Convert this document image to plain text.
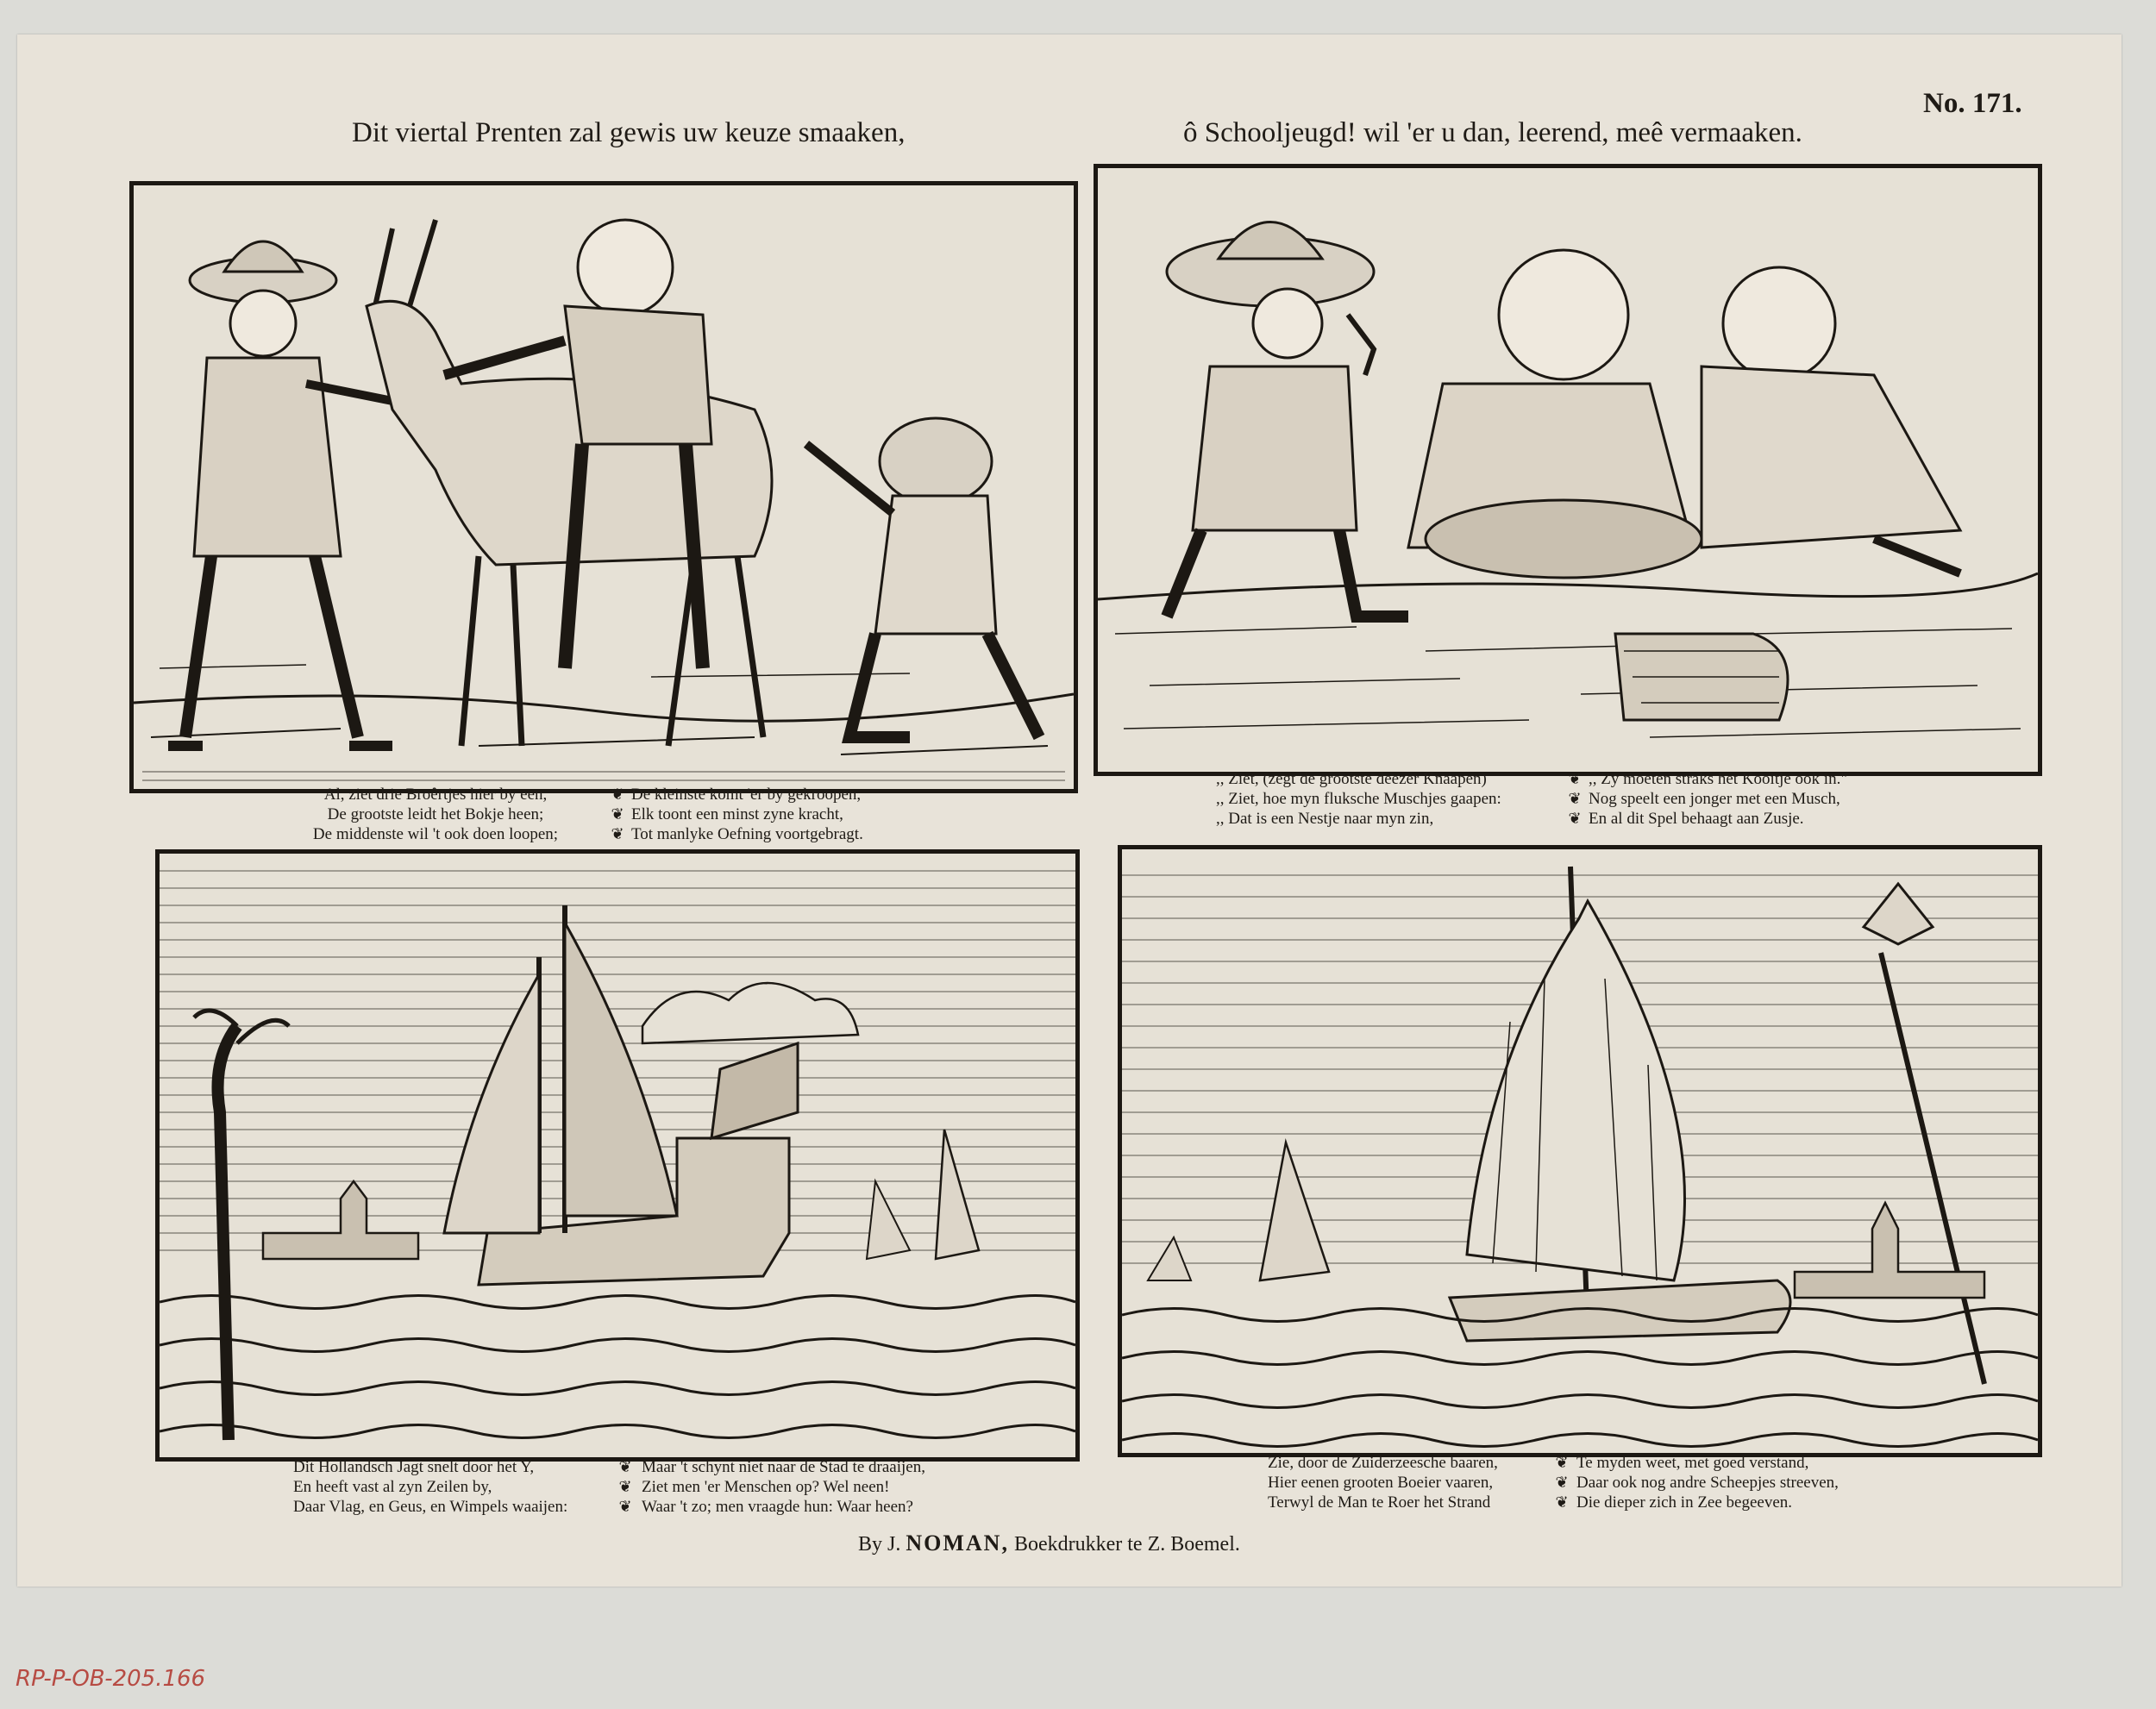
Dit viertal Prenten zal gewis uw keuze smaaken,	ô Schooljeugd! wil 'er u dan, leerend, meê vermaaken.
No. 171.
Al, ziet drie Broêrtjes hier by een,
De grootste leidt het Bokje heen;
De middenste wil 't ook doen loopen;
❦
❦
❦
De kleinste komt 'er by gekroopen,
Elk toont een minst zyne kracht,
Tot manlyke Oefning voortgebragt.
,, Ziet, (zegt de grootste deezer Knaapen)
,, Ziet, hoe myn fluksche Muschjes gaapen:
,, Dat is een Nestje naar myn zin,
❦
❦
❦
,, Zy moeten straks het Kooitje ook in."
Nog speelt een jonger met een Musch,
En al dit Spel behaagt aan Zusje.
Dit Hollandsch Jagt snelt door het Y,
En heeft vast al zyn Zeilen by,
Daar Vlag, en Geus, en Wimpels waaijen:
❦
❦
❦
Maar 't schynt niet naar de Stad te draaijen,
Ziet men 'er Menschen op? Wel neen!
Waar 't zo; men vraagde hun: Waar heen?
Zie, door de Zuiderzeesche baaren,
Hier eenen grooten Boeier vaaren,
Terwyl de Man te Roer het Strand
❦
❦
❦
Te myden weet, met goed verstand,
Daar ook nog andre Scheepjes streeven,
Die dieper zich in Zee begeeven.
By J. NOMAN, Boekdrukker te Z. Boemel.
RP-P-OB-205.166
